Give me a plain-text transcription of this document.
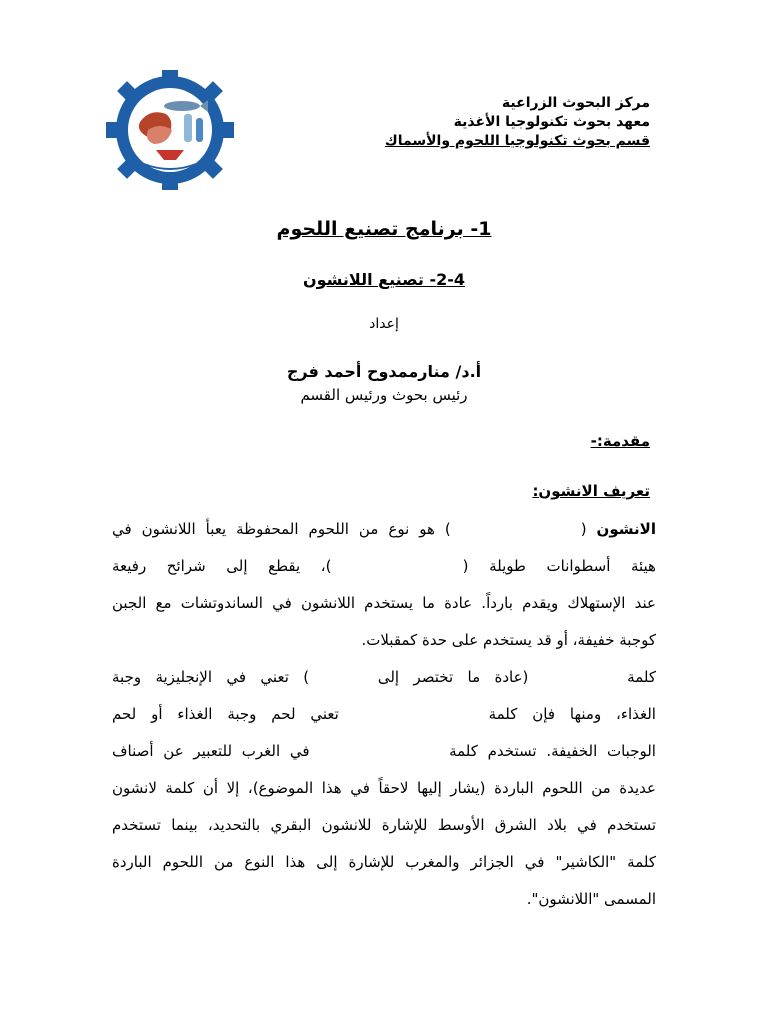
مركز البحوث الزراعية
معهد بحوث تكنولوجيا الأغذية
قسم بحوث تكنولوجيا اللحوم والأسماك
1- برنامج تصنيع اللحوم
2-4- تصنيع اللانشون
إعداد
أ.د/ منارممدوح أحمد فرج
رئيس بحوث ورئيس القسم
مقدمة:-
تعريف الانشون:
الانشون (  ) هو نوع من اللحوم المحفوظة يعبأ اللانشون في
هيئة أسطوانات طويلة (  )، يقطع إلى شرائح رفيعة
عند الإستهلاك ويقدم بارداً. عادة ما يستخدم اللانشون في الساندوتشات مع الجبن
كوجبة خفيفة، أو قد يستخدم على حدة كمقبلات.
كلمة  (عادة ما تختصر إلى  ) تعني في الإنجليزية وجبة
الغذاء، ومنها فإن كلمة  تعني لحم وجبة الغذاء أو لحم
الوجبات الخفيفة. تستخدم كلمة  في الغرب للتعبير عن أصناف
عديدة من اللحوم الباردة (يشار إليها لاحقاً في هذا الموضوع)، إلا أن كلمة لانشون
تستخدم في بلاد الشرق الأوسط للإشارة للانشون البقري بالتحديد، بينما تستخدم
كلمة "الكاشير" في الجزائر والمغرب للإشارة إلى هذا النوع من اللحوم الباردة
المسمى "اللانشون".
